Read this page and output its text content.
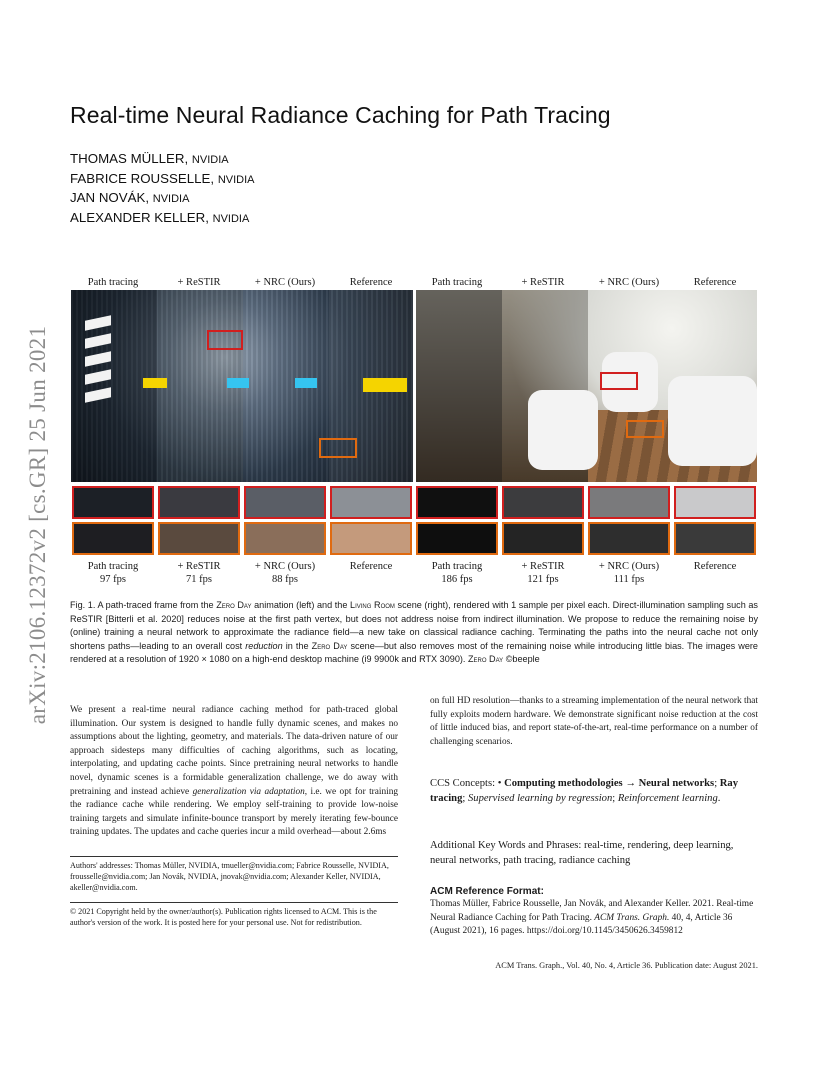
arXiv:2106.12372v2 [cs.GR] 25 Jun 2021
Real-time Neural Radiance Caching for Path Tracing
THOMAS MÜLLER, NVIDIA
FABRICE ROUSSELLE, NVIDIA
JAN NOVÁK, NVIDIA
ALEXANDER KELLER, NVIDIA
Path tracing	+ ReSTIR	+ NRC (Ours)	Reference	Path tracing	+ ReSTIR	+ NRC (Ours)	Reference
Path tracing
97 fps
+ ReSTIR
71 fps
+ NRC (Ours)
88 fps
Reference	Path tracing
186 fps
+ ReSTIR
121 fps
+ NRC (Ours)
111 fps
Reference
Fig. 1. A path-traced frame from the Zero Day animation (left) and the Living Room scene (right), rendered with 1 sample per pixel each. Direct-illumination sampling such as ReSTIR [Bitterli et al. 2020] reduces noise at the first path vertex, but does not address noise from indirect illumination. We propose to reduce the remaining noise by (online) training a neural network to approximate the radiance field—a new take on classical radiance caching. Terminating the paths into the neural cache not only shortens paths—leading to an overall cost reduction in the Zero Day scene—but also removes most of the remaining noise while introducing little bias. The images were rendered at a resolution of 1920 × 1080 on a high-end desktop machine (i9 9900k and RTX 3090). Zero Day ©beeple

We present a real-time neural radiance caching method for path-traced global illumination. Our system is designed to handle fully dynamic scenes, and makes no assumptions about the lighting, geometry, and materials. The data-driven nature of our approach sidesteps many difficulties of caching algorithms, such as locating, interpolating, and updating cache points. Since pretraining neural networks to handle novel, dynamic scenes is a formidable generalization challenge, we do away with pretraining and instead achieve generalization via adaptation, i.e. we opt for training the radiance cache while rendering. We employ self-training to provide low-noise training targets and simulate infinite-bounce transport by merely iterating few-bounce training updates. The updates and cache queries incur a mild overhead—about 2.6ms

Authors' addresses: Thomas Müller, NVIDIA, tmueller@nvidia.com; Fabrice Rousselle, NVIDIA, frousselle@nvidia.com; Jan Novák, NVIDIA, jnovak@nvidia.com; Alexander Keller, NVIDIA, akeller@nvidia.com.
© 2021 Copyright held by the owner/author(s). Publication rights licensed to ACM. This is the author's version of the work. It is posted here for your personal use. Not for redistribution.

on full HD resolution—thanks to a streaming implementation of the neural network that fully exploits modern hardware. We demonstrate significant noise reduction at the cost of little induced bias, and report state-of-the-art, real-time performance on a number of challenging scenarios.

CCS Concepts: • Computing methodologies → Neural networks; Ray tracing; Supervised learning by regression; Reinforcement learning.
Additional Key Words and Phrases: real-time, rendering, deep learning, neural networks, path tracing, radiance caching
ACM Reference Format:
Thomas Müller, Fabrice Rousselle, Jan Novák, and Alexander Keller. 2021. Real-time Neural Radiance Caching for Path Tracing. ACM Trans. Graph. 40, 4, Article 36 (August 2021), 16 pages. https://doi.org/10.1145/3450626.3459812
ACM Trans. Graph., Vol. 40, No. 4, Article 36. Publication date: August 2021.
